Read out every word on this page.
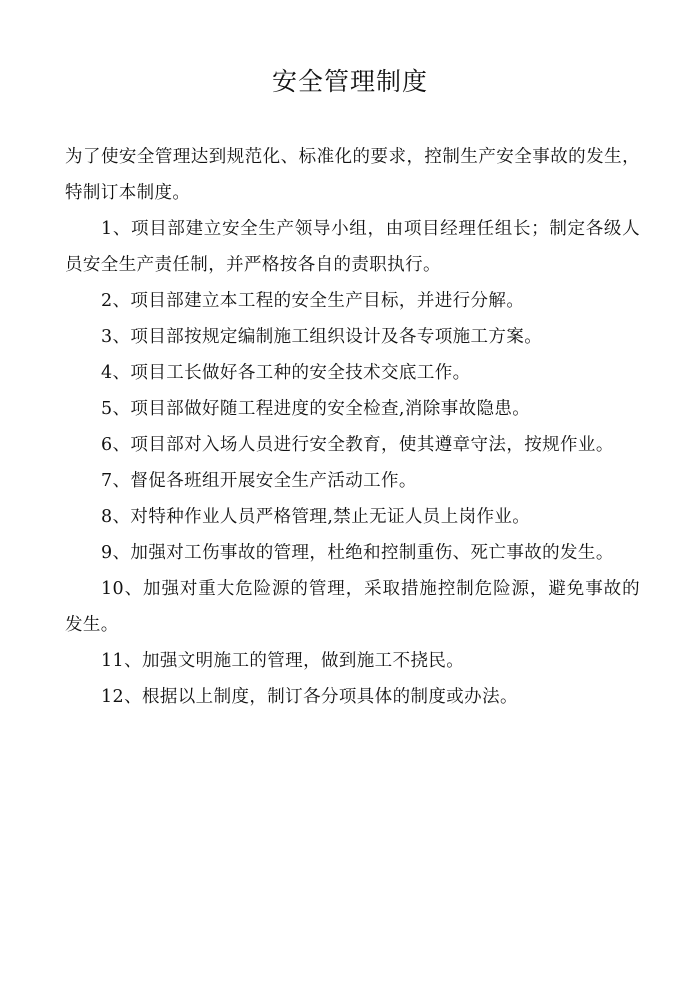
安全管理制度

为了使安全管理达到规范化、标准化的要求，控制生产安全事故的发生，特制订本制度。

1、项目部建立安全生产领导小组，由项目经理任组长；制定各级人员安全生产责任制，并严格按各自的责职执行。

2、项目部建立本工程的安全生产目标，并进行分解。

3、项目部按规定编制施工组织设计及各专项施工方案。

4、项目工长做好各工种的安全技术交底工作。

5、项目部做好随工程进度的安全检查,消除事故隐患。

6、项目部对入场人员进行安全教育，使其遵章守法，按规作业。

7、督促各班组开展安全生产活动工作。

8、对特种作业人员严格管理,禁止无证人员上岗作业。

9、加强对工伤事故的管理，杜绝和控制重伤、死亡事故的发生。

10、加强对重大危险源的管理，采取措施控制危险源，避免事故的发生。

11、加强文明施工的管理，做到施工不挠民。

12、根据以上制度，制订各分项具体的制度或办法。
